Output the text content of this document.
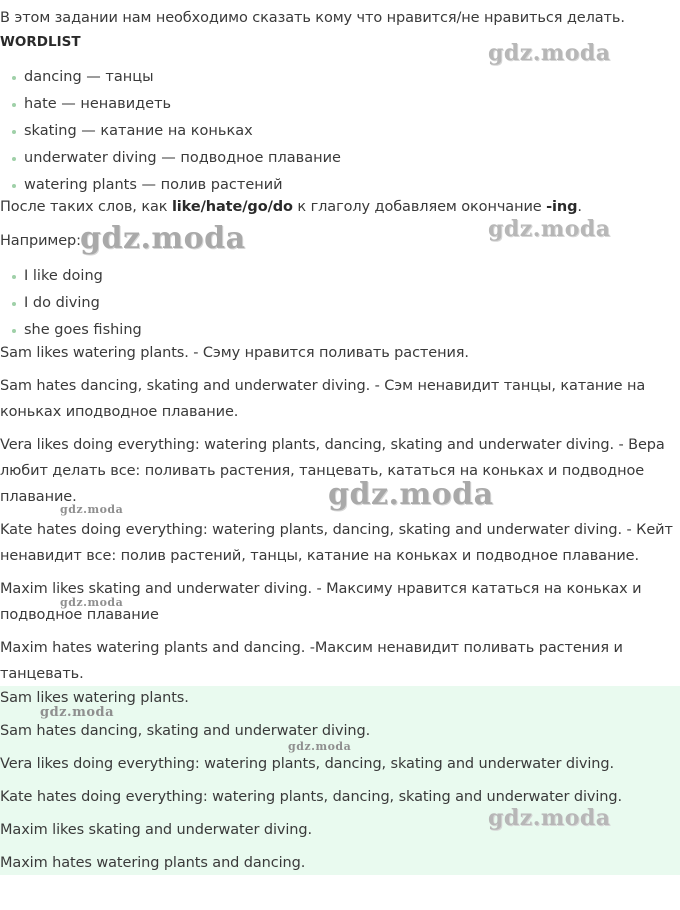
В этом задании нам необходимо сказать кому что нравится/не нравиться делать.
WORDLIST
dancing — танцы
hate — ненавидеть
skating — катание на коньках
underwater diving — подводное плавание
watering plants — полив растений
После таких слов, как like/hate/go/do к глаголу добавляем окончание -ing.
Например:
I like doing
I do diving
she goes fishing
Sam likes watering plants. - Сэму нравится поливать растения.
Sam hates dancing, skating and underwater diving. - Сэм ненавидит танцы, катание на коньках иподводное плавание.
Vera likes doing everything: watering plants, dancing, skating and underwater diving. - Вера любит делать все: поливать растения, танцевать, кататься на коньках и подводное плавание.
Kate hates doing everything: watering plants, dancing, skating and underwater diving. - Кейт ненавидит все: полив растений, танцы, катание на коньках и подводное плавание.
Maxim likes skating and underwater diving. - Максиму нравится кататься на коньках и подводное плавание
Maxim hates watering plants and dancing. -Максим ненавидит поливать растения и танцевать.
Sam likes watering plants.
Sam hates dancing, skating and underwater diving.
Vera likes doing everything: watering plants, dancing, skating and underwater diving.
Kate hates doing everything: watering plants, dancing, skating and underwater diving.
Maxim likes skating and underwater diving.
Maxim hates watering plants and dancing.
gdz.moda
gdz.moda	gdz.moda
gdz.moda
gdz.moda
gdz.moda
gdz.moda
gdz.moda
gdz.moda
